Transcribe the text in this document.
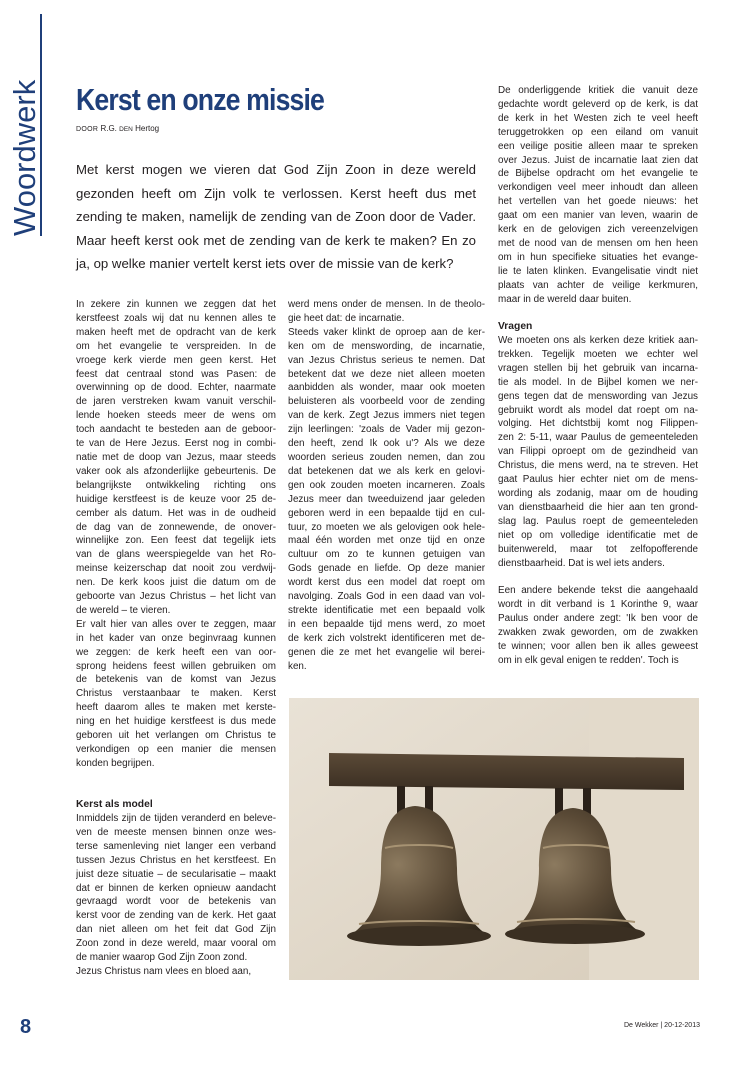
Woordwerk	Kerst en onze missie
DOOR R.G. DEN Hertog

Met kerst mogen we vieren dat God Zijn Zoon in deze wereld

gezonden heeft om Zijn volk te verlossen. Kerst heeft dus met

zending te maken, namelijk de zending van de Zoon door de Vader.

Maar heeft kerst ook met de zending van de kerk te maken? En zo

ja, op welke manier vertelt kerst iets over de missie van de kerk?

In zekere zin kunnen we zeggen dat het
kerstfeest zoals wij dat nu kennen alles te
maken heeft met de opdracht van de kerk
om het evangelie te verspreiden. In de
vroege kerk vierde men geen kerst. Het
feest dat centraal stond was Pasen: de
overwinning op de dood. Echter, naarmate
de jaren verstreken kwam vanuit verschil-
lende hoeken steeds meer de wens om
toch aandacht te besteden aan de geboor-
te van de Here Jezus. Eerst nog in combi-
natie met de doop van Jezus, maar steeds
vaker ook als afzonderlijke gebeurtenis. De
belangrijkste ontwikkeling richting ons
huidige kerstfeest is de keuze voor 25 de-
cember als datum. Het was in de oudheid
de dag van de zonnewende, de onover-
winnelijke zon. Een feest dat tegelijk iets
van de glans weerspiegelde van het Ro-
meinse keizerschap dat nooit zou verdwij-
nen. De kerk koos juist die datum om de
geboorte van Jezus Christus – het licht van
de wereld – te vieren.
Er valt hier van alles over te zeggen, maar
in het kader van onze beginvraag kunnen
we zeggen: de kerk heeft een van oor-
sprong heidens feest willen gebruiken om
de betekenis van de komst van Jezus
Christus verstaanbaar te maken. Kerst
heeft daarom alles te maken met kerste-
ning en het huidige kerstfeest is dus mede
geboren uit het verlangen om Christus te
verkondigen op een manier die mensen
konden begrijpen.
Kerst als model
Inmiddels zijn de tijden veranderd en beleve-
ven de meeste mensen binnen onze wes-
terse samenleving niet langer een verband
tussen Jezus Christus en het kerstfeest. En
juist deze situatie – de secularisatie – maakt
dat er binnen de kerken opnieuw aandacht
gevraagd wordt voor de betekenis van
kerst voor de zending van de kerk. Het gaat
dan niet alleen om het feit dat God Zijn
Zoon zond in deze wereld, maar vooral om
de manier waarop God Zijn Zoon zond.
Jezus Christus nam vlees en bloed aan,
werd mens onder de mensen. In de theolo-
gie heet dat: de incarnatie.
Steeds vaker klinkt de oproep aan de ker-
ken om de menswording, de incarnatie,
van Jezus Christus serieus te nemen. Dat
betekent dat we deze niet alleen moeten
aanbidden als wonder, maar ook moeten
beluisteren als voorbeeld voor de zending
van de kerk. Zegt Jezus immers niet tegen
zijn leerlingen: 'zoals de Vader mij gezon-
den heeft, zend Ik ook u'? Als we deze
woorden serieus zouden nemen, dan zou
dat betekenen dat we als kerk en gelovi-
gen ook zouden moeten incarneren. Zoals
Jezus meer dan tweeduizend jaar geleden
geboren werd in een bepaalde tijd en cul-
tuur, zo moeten we als gelovigen ook hele-
maal één worden met onze tijd en onze
cultuur om zo te kunnen getuigen van
Gods genade en liefde. Op deze manier
wordt kerst dus een model dat roept om
navolging. Zoals God in een daad van vol-
strekte identificatie met een bepaald volk
in een bepaalde tijd mens werd, zo moet
de kerk zich volstrekt identificeren met de-
genen die ze met het evangelie wil berei-
ken.
De onderliggende kritiek die vanuit deze
gedachte wordt geleverd op de kerk, is dat
de kerk in het Westen zich te veel heeft
teruggetrokken op een eiland om vanuit
een veilige positie alleen maar te spreken
over Jezus. Juist de incarnatie laat zien dat
de Bijbelse opdracht om het evangelie te
verkondigen veel meer inhoudt dan alleen
het vertellen van het goede nieuws: het
gaat om een manier van leven, waarin de
kerk en de gelovigen zich vereenzelvigen
met de nood van de mensen om hen heen
om in hun specifieke situaties het evange-
lie te laten klinken. Evangelisatie vindt niet
plaats van achter de veilige kerkmuren,
maar in de wereld daar buiten.
Vragen
We moeten ons als kerken deze kritiek aan-
trekken. Tegelijk moeten we echter wel
vragen stellen bij het gebruik van incarna-
tie als model. In de Bijbel komen we ner-
gens tegen dat de menswording van Jezus
gebruikt wordt als model dat roept om na-
volging. Het dichtstbij komt nog Filippen-
zen 2: 5-11, waar Paulus de gemeenteleden
van Filippi oproept om de gezindheid van
Christus, die mens werd, na te streven. Het
gaat Paulus hier echter niet om de mens-
wording als zodanig, maar om de houding
van dienstbaarheid die hier aan ten grond-
slag lag. Paulus roept de gemeenteleden
niet op om volledige identificatie met de
buitenwereld, maar tot zelfopofferende
dienstbaarheid. Dat is wel iets anders.

Een andere bekende tekst die aangehaald
wordt in dit verband is 1 Korinthe 9, waar
Paulus onder andere zegt: 'Ik ben voor de
zwakken zwak geworden, om de zwakken
te winnen; voor allen ben ik alles geweest
om in elk geval enigen te redden'. Toch is
8	De Wekker | 20-12-2013
